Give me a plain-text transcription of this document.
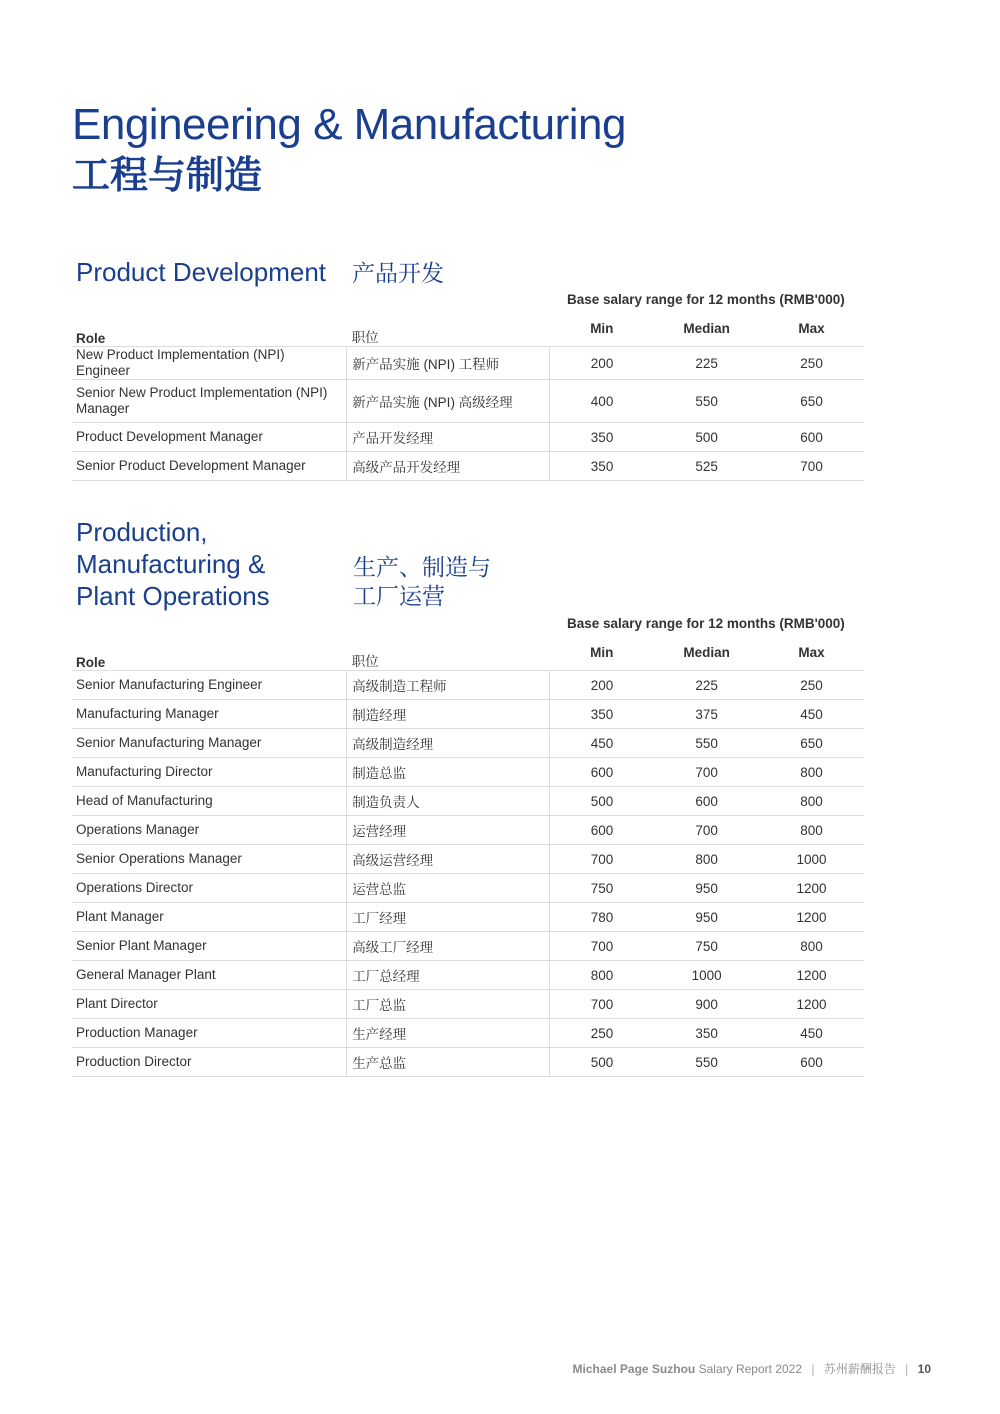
Engineering & Manufacturing
工程与制造
Product Development 产品开发
Base salary range for 12 months (RMB'000)
Role	职位	Min	Median	Max
New Product Implementation (NPI) Engineer	新产品实施 (NPI) 工程师	200	225	250
Senior New Product Implementation (NPI) Manager	新产品实施 (NPI) 高级经理	400	550	650
Product Development Manager	产品开发经理	350	500	600
Senior Product Development Manager	高级产品开发经理	350	525	700
Production,
Manufacturing &
Plant Operations
生产、制造与
工厂运营
Base salary range for 12 months (RMB'000)
Role	职位	Min	Median	Max
Senior Manufacturing Engineer	高级制造工程师	200	225	250
Manufacturing Manager	制造经理	350	375	450
Senior Manufacturing Manager	高级制造经理	450	550	650
Manufacturing Director	制造总监	600	700	800
Head of Manufacturing	制造负责人	500	600	800
Operations Manager	运营经理	600	700	800
Senior Operations Manager	高级运营经理	700	800	1000
Operations Director	运营总监	750	950	1200
Plant Manager	工厂经理	780	950	1200
Senior Plant Manager	高级工厂经理	700	750	800
General Manager Plant	工厂总经理	800	1000	1200
Plant Director	工厂总监	700	900	1200
Production Manager	生产经理	250	350	450
Production Director	生产总监	500	550	600
Michael Page Suzhou Salary Report 2022 | 苏州薪酬报告 | 10
